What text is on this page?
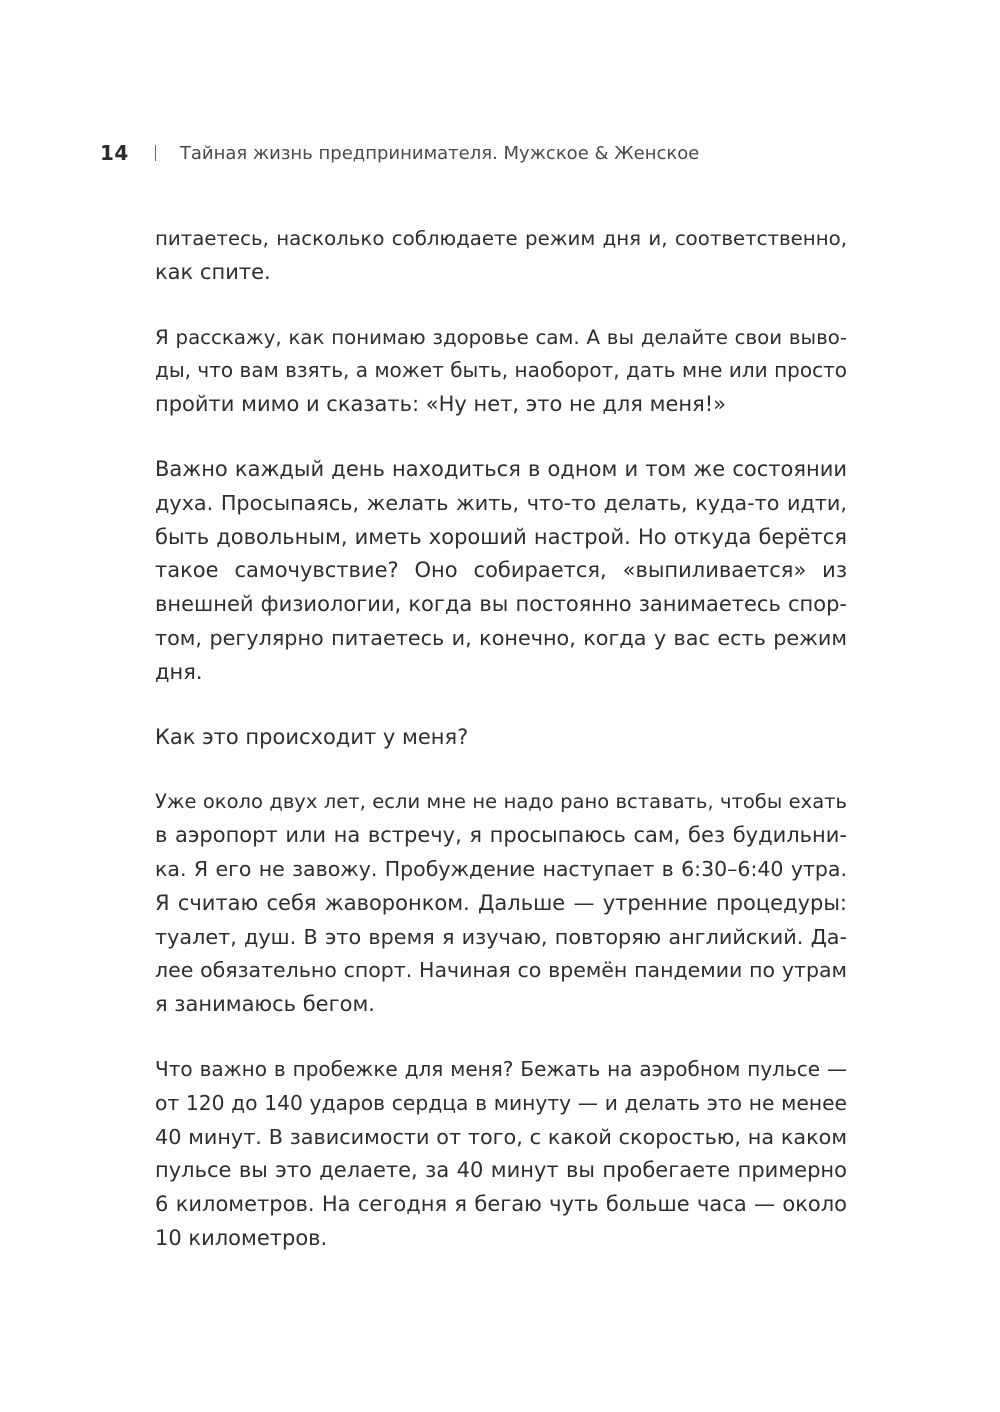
14	Тайная жизнь предпринимателя. Мужское & Женское

питаетесь, насколько соблюдаете режим дня и, соответственно,
как спите.

Я расскажу, как понимаю здоровье сам. А вы делайте свои выво-
ды, что вам взять, а может быть, наоборот, дать мне или просто
пройти мимо и сказать: «Ну нет, это не для меня!»

Важно каждый день находиться в одном и том же состоянии
духа. Просыпаясь, желать жить, что-то делать, куда-то идти,
быть довольным, иметь хороший настрой. Но откуда берётся
такое самочувствие? Оно собирается, «выпиливается» из
внешней физиологии, когда вы постоянно занимаетесь спор-
том, регулярно питаетесь и, конечно, когда у вас есть режим
дня.

Как это происходит у меня?

Уже около двух лет, если мне не надо рано вставать, чтобы ехать
в аэропорт или на встречу, я просыпаюсь сам, без будильни-
ка. Я его не завожу. Пробуждение наступает в 6:30–6:40 утра.
Я считаю себя жаворонком. Дальше — утренние процедуры:
туалет, душ. В это время я изучаю, повторяю английский. Да-
лее обязательно спорт. Начиная со времён пандемии по утрам
я занимаюсь бегом.

Что важно в пробежке для меня? Бежать на аэробном пульсе —
от 120 до 140 ударов сердца в минуту — и делать это не менее
40 минут. В зависимости от того, с какой скоростью, на каком
пульсе вы это делаете, за 40 минут вы пробегаете примерно
6 километров. На сегодня я бегаю чуть больше часа — около
10 километров.
